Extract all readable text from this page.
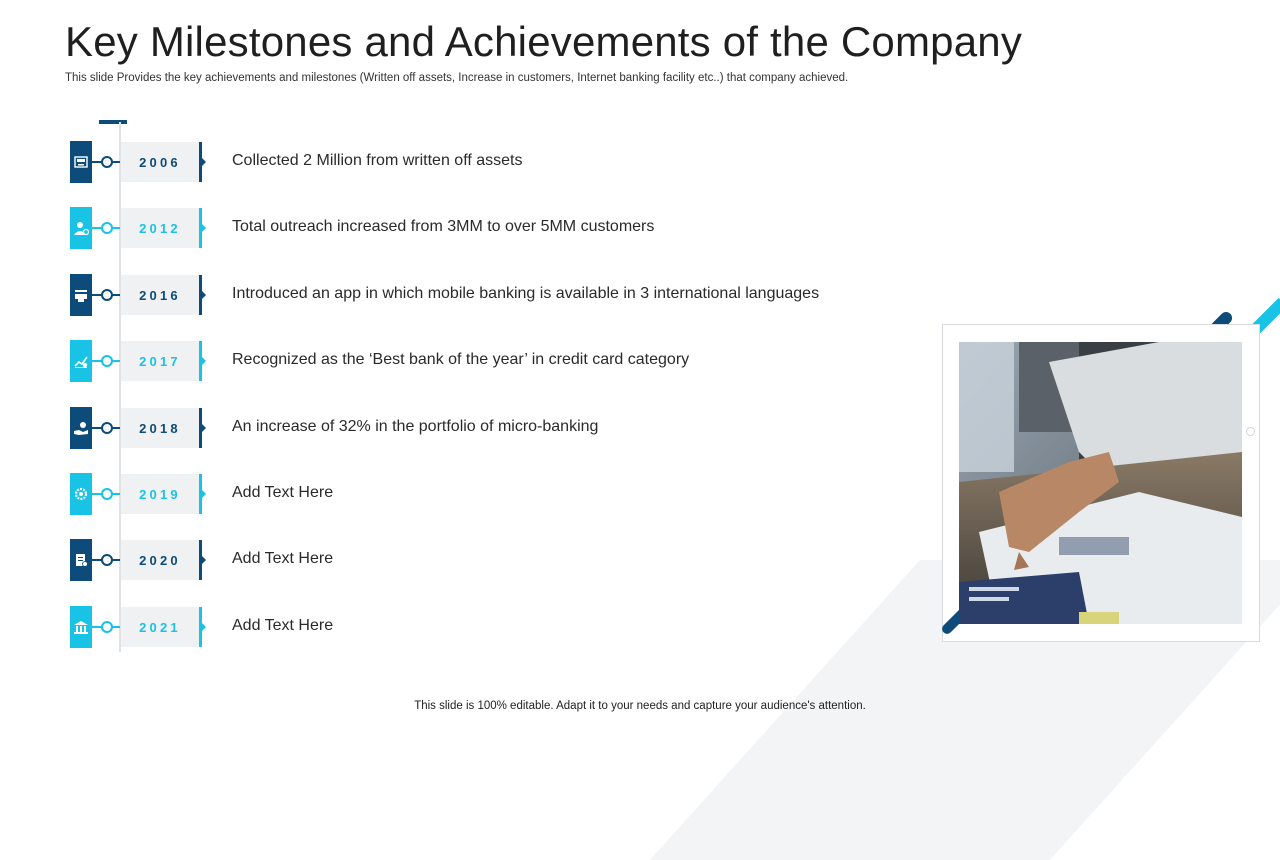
Key Milestones and Achievements of the Company

This slide Provides the key achievements and milestones (Written off assets, Increase in customers, Internet banking facility etc..) that company achieved.

2006	Collected 2 Million from written off assets
2012	Total outreach increased from 3MM to over 5MM customers
2016	Introduced an app in which mobile banking is available in 3 international languages
2017	Recognized as the ‘Best bank of the year’ in credit card category
2018	An increase of 32% in the portfolio of micro-banking
2019	Add Text Here
2020	Add Text Here
2021	Add Text Here
This slide is 100% editable. Adapt it to your needs and capture your audience's attention.
